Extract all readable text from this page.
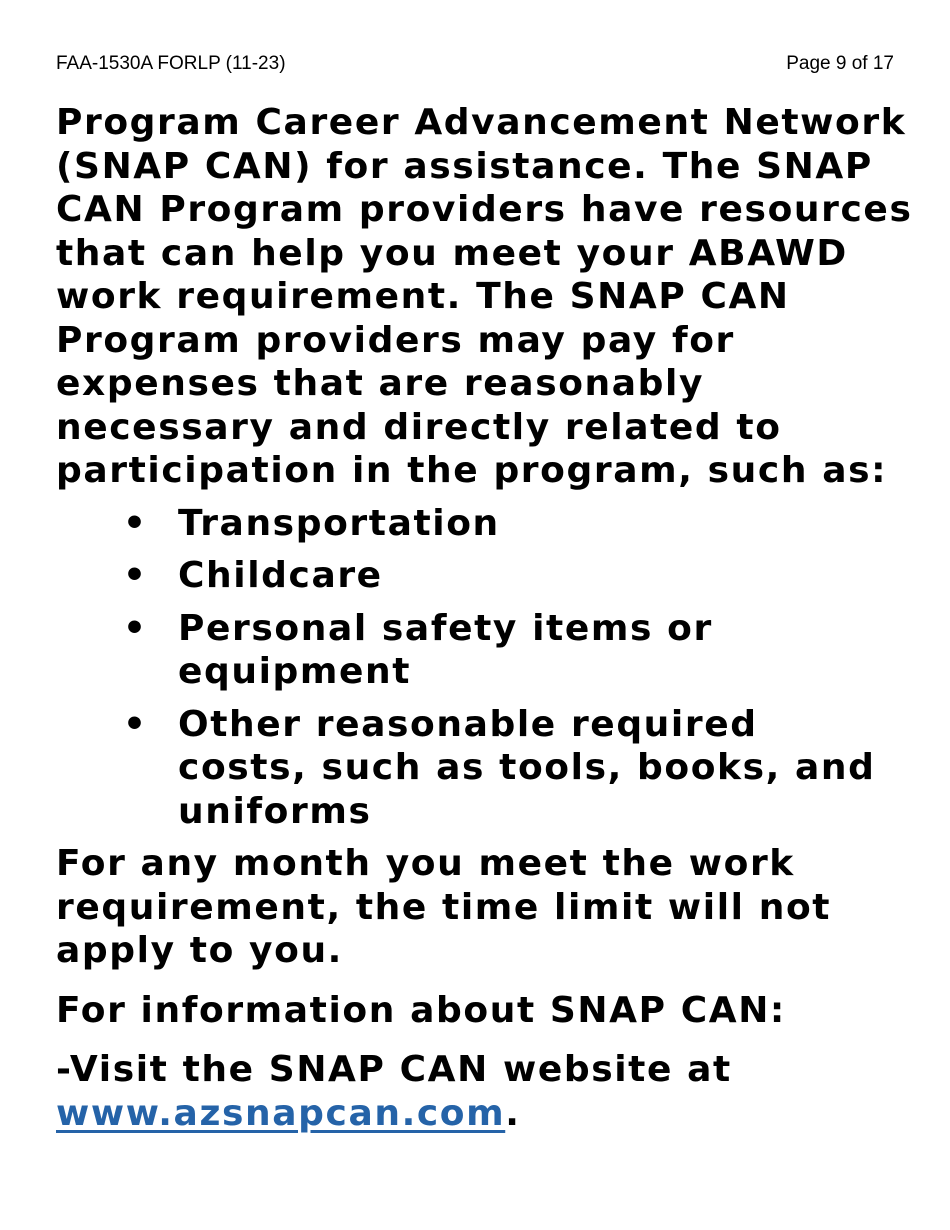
FAA-1530A FORLP (11-23)	Page 9 of 17

Program Career Advancement Network (SNAP CAN) for assistance. The SNAP CAN Program providers have resources that can help you meet your ABAWD work requirement. The SNAP CAN Program providers may pay for expenses that are reasonably necessary and directly related to participation in the program, such as:

• Transportation
• Childcare
• Personal safety items or equipment
• Other reasonable required costs, such as tools, books, and uniforms

For any month you meet the work requirement, the time limit will not apply to you.

For information about SNAP CAN:

-Visit the SNAP CAN website at www.azsnapcan.com.
